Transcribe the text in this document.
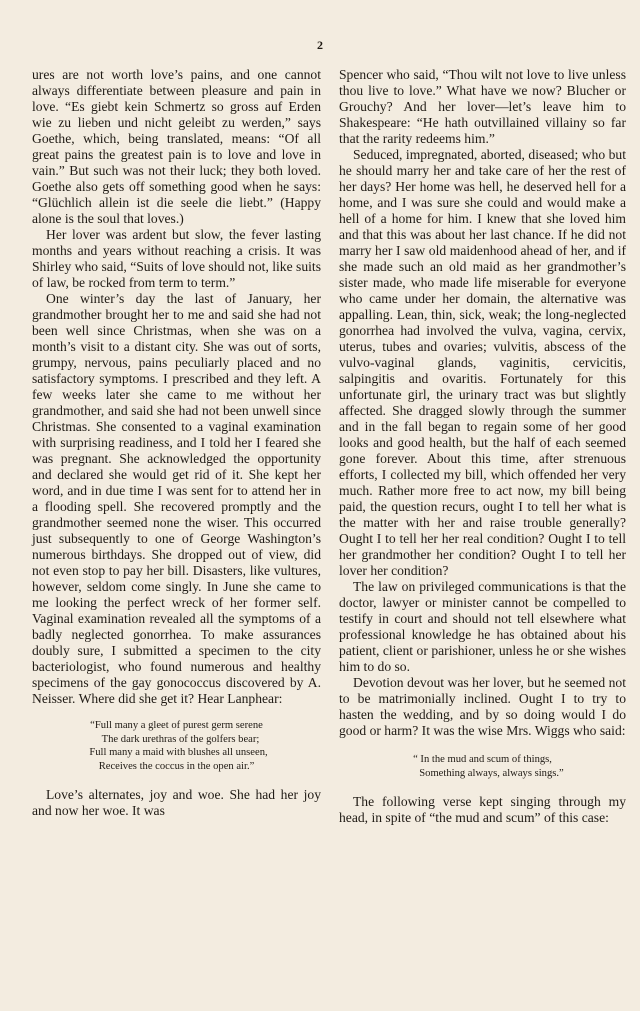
2

ures are not worth love’s pains, and one cannot always differentiate between pleasure and pain in love. “Es giebt kein Schmertz so gross auf Erden wie zu lieben und nicht geleibt zu werden,” says Goethe, which, being translated, means: “Of all great pains the greatest pain is to love and love in vain.” But such was not their luck; they both loved. Goethe also gets off something good when he says: “Glüchlich allein ist die seele die liebt.” (Happy alone is the soul that loves.)

Her lover was ardent but slow, the fever lasting months and years without reaching a crisis. It was Shirley who said, “Suits of love should not, like suits of law, be rocked from term to term.”

One winter’s day the last of January, her grandmother brought her to me and said she had not been well since Christmas, when she was on a month’s visit to a distant city. She was out of sorts, grumpy, nervous, pains peculiarly placed and no satisfactory symptoms. I prescribed and they left. A few weeks later she came to me without her grandmother, and said she had not been unwell since Christmas. She consented to a vaginal examination with surprising readiness, and I told her I feared she was pregnant. She acknowledged the opportunity and declared she would get rid of it. She kept her word, and in due time I was sent for to attend her in a flooding spell. She recovered promptly and the grandmother seemed none the wiser. This occurred just subsequently to one of George Washington’s numerous birthdays. She dropped out of view, did not even stop to pay her bill. Disasters, like vultures, however, seldom come singly. In June she came to me looking the perfect wreck of her former self. Vaginal examination revealed all the symptoms of a badly neglected gonorrhea. To make assurances doubly sure, I submitted a specimen to the city bacteriologist, who found numerous and healthy specimens of the gay gonococcus discovered by A. Neisser. Where did she get it? Hear Lanphear:

“Full many a gleet of purest germ serene
The dark urethras of the golfers bear;
Full many a maid with blushes all unseen,
Receives the coccus in the open air.”

Love’s alternates, joy and woe. She had her joy and now her woe. It was

Spencer who said, “Thou wilt not love to live unless thou live to love.” What have we now? Blucher or Grouchy? And her lover—let’s leave him to Shakespeare: “He hath outvillained villainy so far that the rarity redeems him.”

Seduced, impregnated, aborted, diseased; who but he should marry her and take care of her the rest of her days? Her home was hell, he deserved hell for a home, and I was sure she could and would make a hell of a home for him. I knew that she loved him and that this was about her last chance. If he did not marry her I saw old maidenhood ahead of her, and if she made such an old maid as her grandmother’s sister made, who made life miserable for everyone who came under her domain, the alternative was appalling. Lean, thin, sick, weak; the long-neglected gonorrhea had involved the vulva, vagina, cervix, uterus, tubes and ovaries; vulvitis, abscess of the vulvo-vaginal glands, vaginitis, cervicitis, salpingitis and ovaritis. Fortunately for this unfortunate girl, the urinary tract was but slightly affected. She dragged slowly through the summer and in the fall began to regain some of her good looks and good health, but the half of each seemed gone forever. About this time, after strenuous efforts, I collected my bill, which offended her very much. Rather more free to act now, my bill being paid, the question recurs, ought I to tell her what is the matter with her and raise trouble generally? Ought I to tell her her real condition? Ought I to tell her grandmother her condition? Ought I to tell her lover her condition?

The law on privileged communications is that the doctor, lawyer or minister cannot be compelled to testify in court and should not tell elsewhere what professional knowledge he has obtained about his patient, client or parishioner, unless he or she wishes him to do so.

Devotion devout was her lover, but he seemed not to be matrimonially inclined. Ought I to try to hasten the wedding, and by so doing would I do good or harm? It was the wise Mrs. Wiggs who said:

“ In the mud and scum of things,
Something always, always sings.”

The following verse kept singing through my head, in spite of “the mud and scum” of this case:
